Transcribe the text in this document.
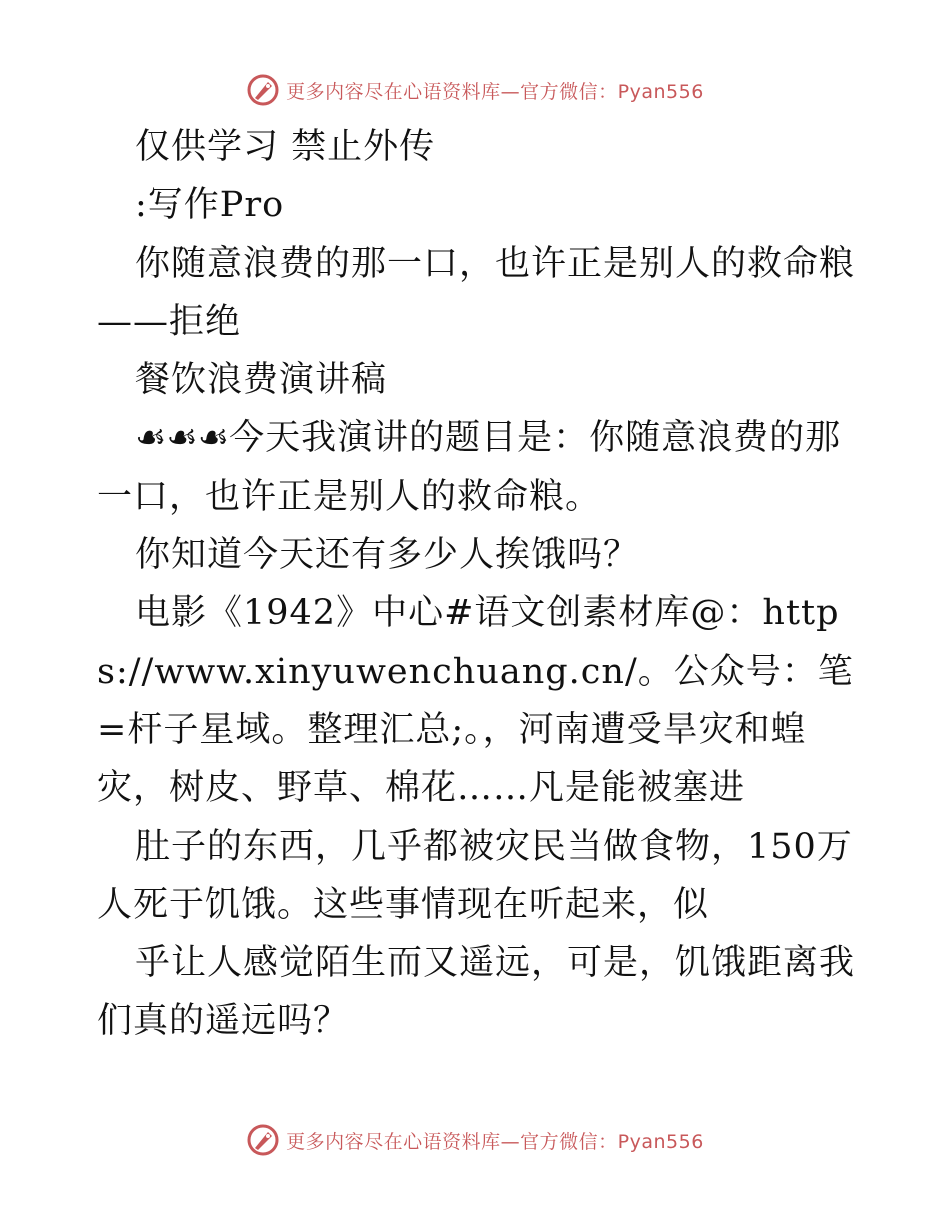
更多内容尽在心语资料库—官方微信：Pyan556

仅供学习 禁止外传

:写作Pro

你随意浪费的那一口，也许正是别人的救命粮——拒绝

餐饮浪费演讲稿

☙☙☙今天我演讲的题目是：你随意浪费的那一口，也许正是别人的救命粮。

你知道今天还有多少人挨饿吗？

电影《1942》中心#语文创素材库@：https://www.xinyuwenchuang.cn/。公众号：笔=杆子星域。整理汇总;。，河南遭受旱灾和蝗灾，树皮、野草、棉花……凡是能被塞进

肚子的东西，几乎都被灾民当做食物，150万人死于饥饿。这些事情现在听起来，似

乎让人感觉陌生而又遥远，可是，饥饿距离我们真的遥远吗？

更多内容尽在心语资料库—官方微信：Pyan556
